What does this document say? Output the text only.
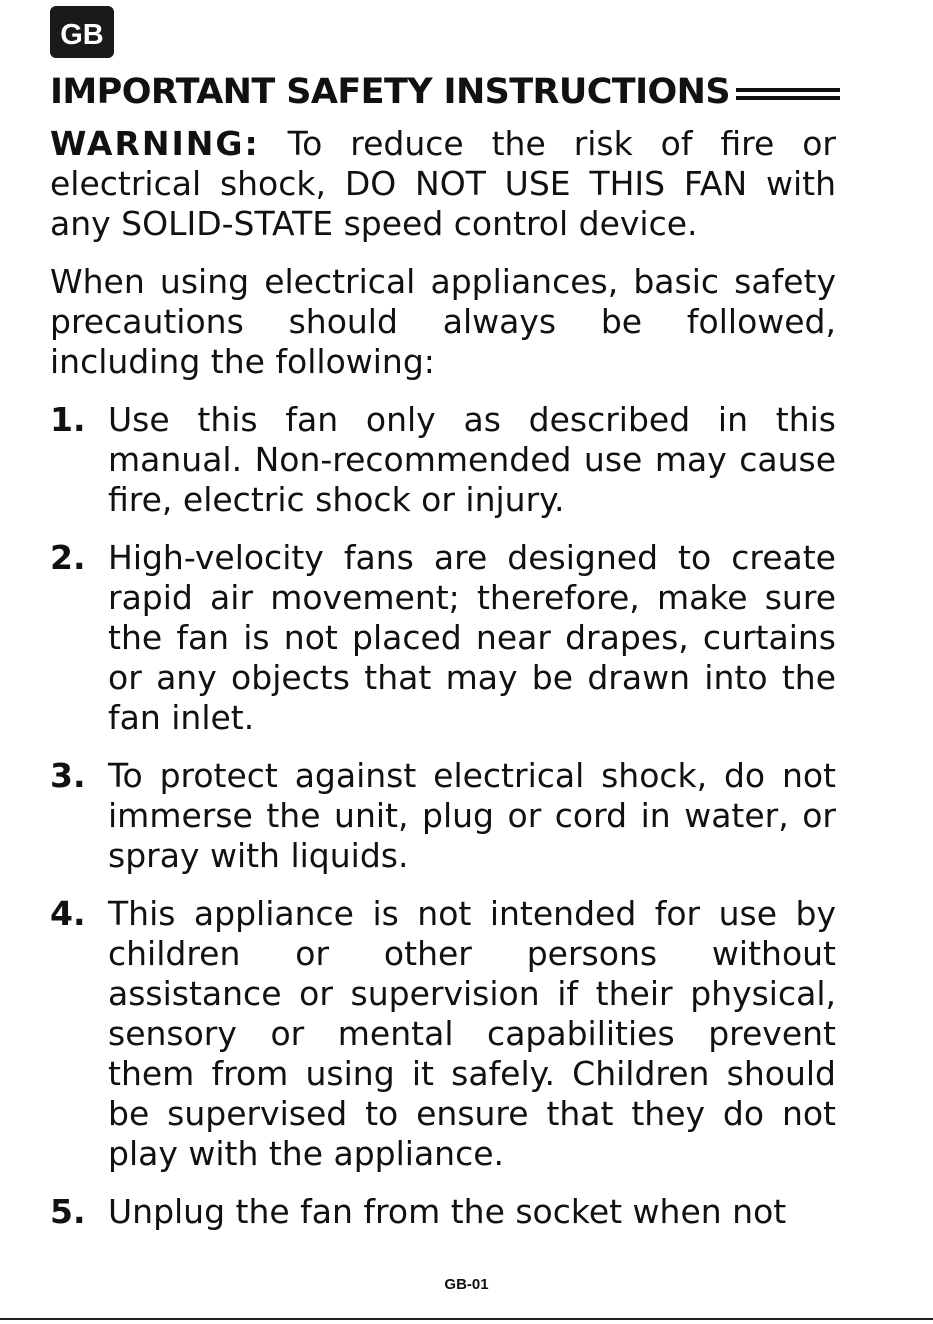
GB
IMPORTANT SAFETY INSTRUCTIONS

WARNING: To reduce the risk of fire or electrical shock, DO NOT USE THIS FAN with any SOLID-STATE speed control device.

When using electrical appliances, basic safety precautions should always be followed, including the following:

1. Use this fan only as described in this manual. Non-recommended use may cause fire, electric shock or injury.
2. High-velocity fans are designed to create rapid air movement; therefore, make sure the fan is not placed near drapes, curtains or any objects that may be drawn into the fan inlet.
3. To protect against electrical shock, do not immerse the unit, plug or cord in water, or spray with liquids.
4. This appliance is not intended for use by children or other persons without assistance or supervision if their physical, sensory or mental capabilities prevent them from using it safely. Children should be supervised to ensure that they do not play with the appliance.
5. Unplug the fan from the socket when not
GB-01
